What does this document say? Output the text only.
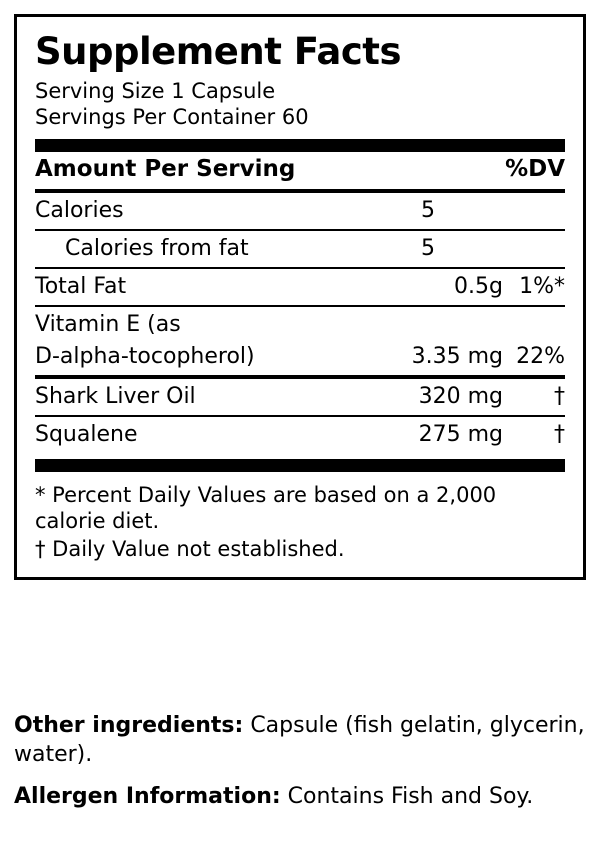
Supplement Facts
Serving Size 1 Capsule
Servings Per Container 60
Amount Per Serving	%DV
Calories	5
Calories from fat	5
Total Fat	0.5g 1%*
Vitamin E (as
D-alpha-tocopherol)	3.35 mg 22%
Shark Liver Oil	320 mg	†
Squalene	275 mg	†

* Percent Daily Values are based on a 2,000 calorie diet.

† Daily Value not established.

Other ingredients: Capsule (fish gelatin, glycerin, water).

Allergen Information: Contains Fish and Soy.
